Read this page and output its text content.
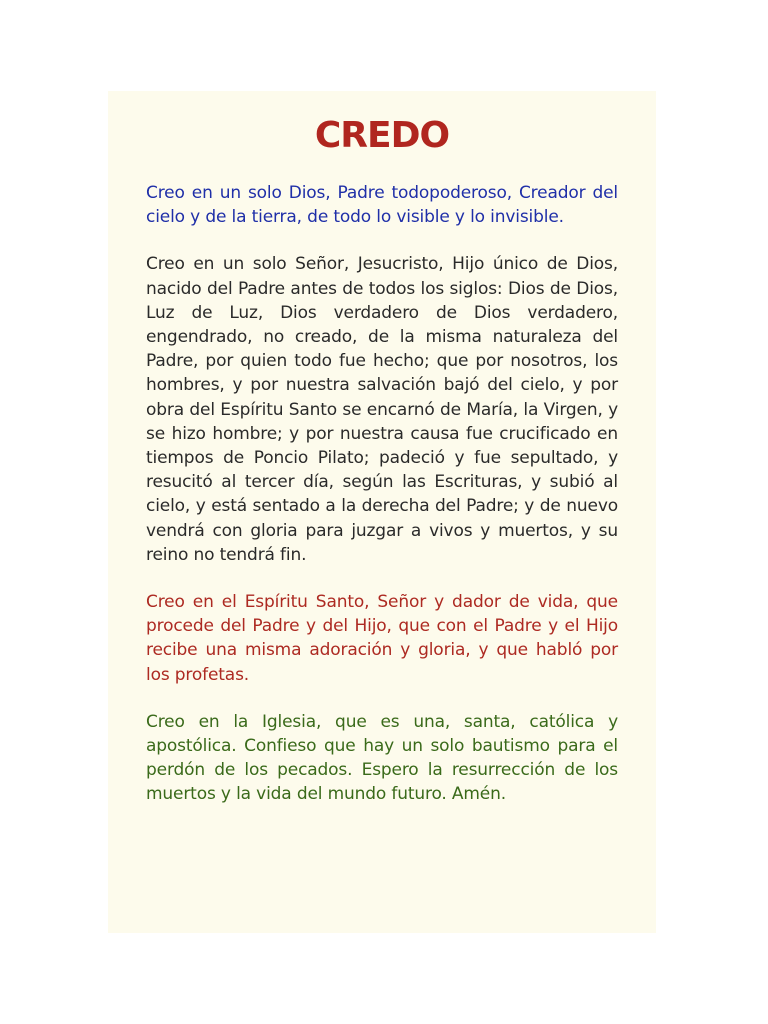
CREDO

Creo en un solo Dios, Padre todopoderoso, Creador del cielo y de la tierra, de todo lo visible y lo invisible.

Creo en un solo Señor, Jesucristo, Hijo único de Dios, nacido del Padre antes de todos los siglos: Dios de Dios, Luz de Luz, Dios verdadero de Dios verdadero, engendrado, no creado, de la misma naturaleza del Padre, por quien todo fue hecho; que por nosotros, los hombres, y por nuestra salvación bajó del cielo, y por obra del Espíritu Santo se encarnó de María, la Virgen, y se hizo hombre; y por nuestra causa fue crucificado en tiempos de Poncio Pilato; padeció y fue sepultado, y resucitó al tercer día, según las Escrituras, y subió al cielo, y está sentado a la derecha del Padre; y de nuevo vendrá con gloria para juzgar a vivos y muertos, y su reino no tendrá fin.

Creo en el Espíritu Santo, Señor y dador de vida, que procede del Padre y del Hijo, que con el Padre y el Hijo recibe una misma adoración y gloria, y que habló por los profetas.

Creo en la Iglesia, que es una, santa, católica y apostólica. Confieso que hay un solo bautismo para el perdón de los pecados. Espero la resurrección de los muertos y la vida del mundo futuro. Amén.
